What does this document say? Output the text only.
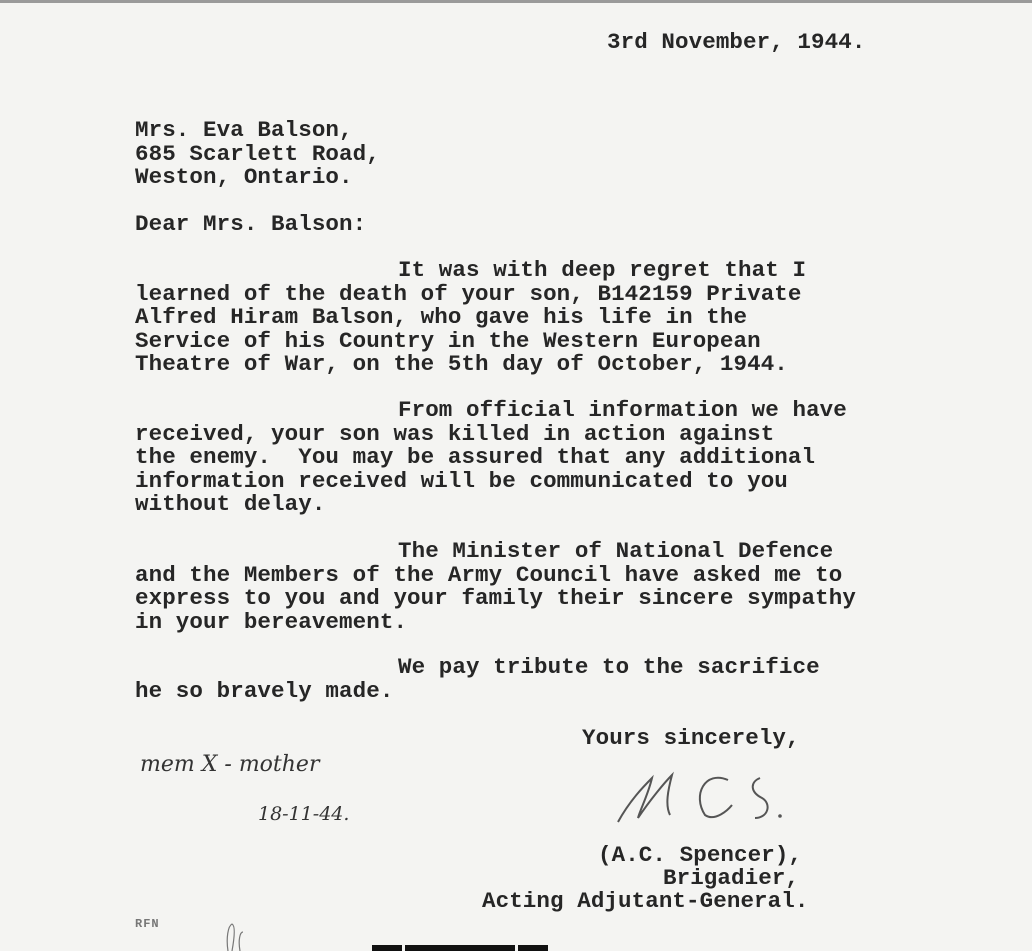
3rd November, 1944.
Mrs. Eva Balson,
685 Scarlett Road,
Weston, Ontario.
Dear Mrs. Balson:
It was with deep regret that I
learned of the death of your son, B142159 Private
Alfred Hiram Balson, who gave his life in the
Service of his Country in the Western European
Theatre of War, on the 5th day of October, 1944.
From official information we have
received, your son was killed in action against
the enemy.  You may be assured that any additional
information received will be communicated to you
without delay.
The Minister of National Defence
and the Members of the Army Council have asked me to
express to you and your family their sincere sympathy
in your bereavement.
We pay tribute to the sacrifice
he so bravely made.
Yours sincerely,
mem X - mother
18-11-44.
(A.C. Spencer),
Brigadier,
Acting Adjutant-General.
RFN
